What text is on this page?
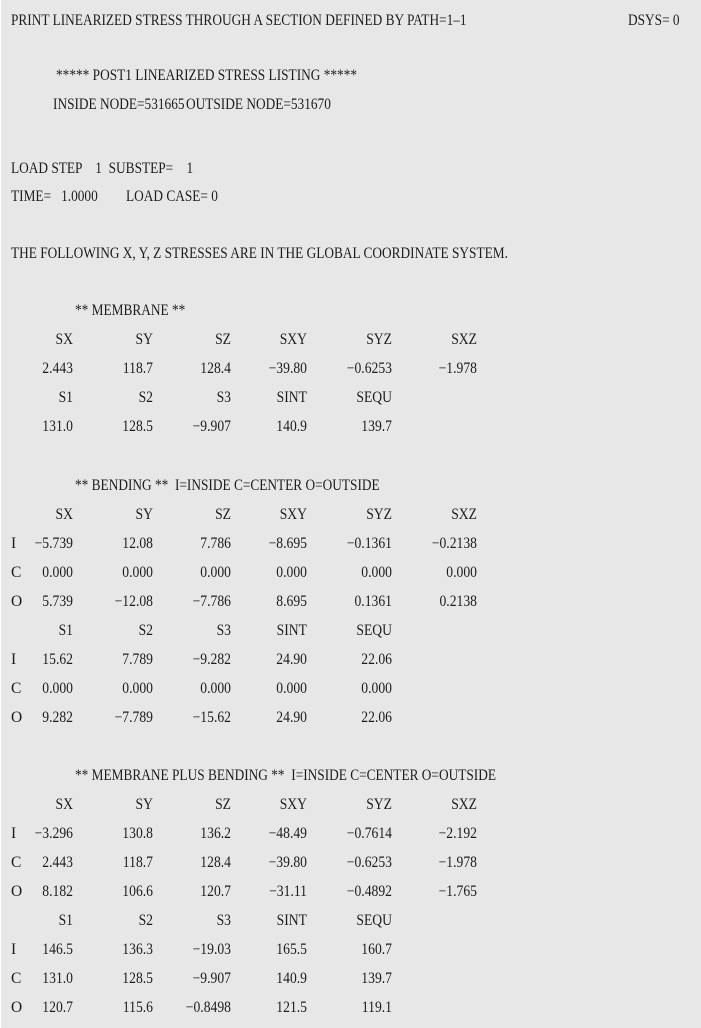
PRINT LINEARIZED STRESS THROUGH A SECTION DEFINED BY PATH=1–1	DSYS= 0
***** POST1 LINEARIZED STRESS LISTING *****
INSIDE NODE=531665 OUTSIDE NODE=531670
LOAD STEP    1  SUBSTEP=    1
TIME=   1.0000 LOAD CASE= 0
THE FOLLOWING X, Y, Z STRESSES ARE IN THE GLOBAL COORDINATE SYSTEM.
** MEMBRANE **
SX	SY	SZ	SXY	SYZ	SXZ
2.443	118.7	128.4	−39.80	−0.6253	−1.978
S1	S2	S3	SINT	SEQU
131.0	128.5	−9.907	140.9	139.7
** BENDING **  I=INSIDE C=CENTER O=OUTSIDE
SX	SY	SZ	SXY	SYZ	SXZ
I	−5.739	12.08	7.786	−8.695	−0.1361	−0.2138
C	0.000	0.000	0.000	0.000	0.000	0.000
O	5.739	−12.08	−7.786	8.695	0.1361	0.2138
S1	S2	S3	SINT	SEQU
I	15.62	7.789	−9.282	24.90	22.06
C	0.000	0.000	0.000	0.000	0.000
O	9.282	−7.789	−15.62	24.90	22.06
** MEMBRANE PLUS BENDING **  I=INSIDE C=CENTER O=OUTSIDE
SX	SY	SZ	SXY	SYZ	SXZ
I	−3.296	130.8	136.2	−48.49	−0.7614	−2.192
C	2.443	118.7	128.4	−39.80	−0.6253	−1.978
O	8.182	106.6	120.7	−31.11	−0.4892	−1.765
S1	S2	S3	SINT	SEQU
I	146.5	136.3	−19.03	165.5	160.7
C	131.0	128.5	−9.907	140.9	139.7
O	120.7	115.6	−0.8498	121.5	119.1
